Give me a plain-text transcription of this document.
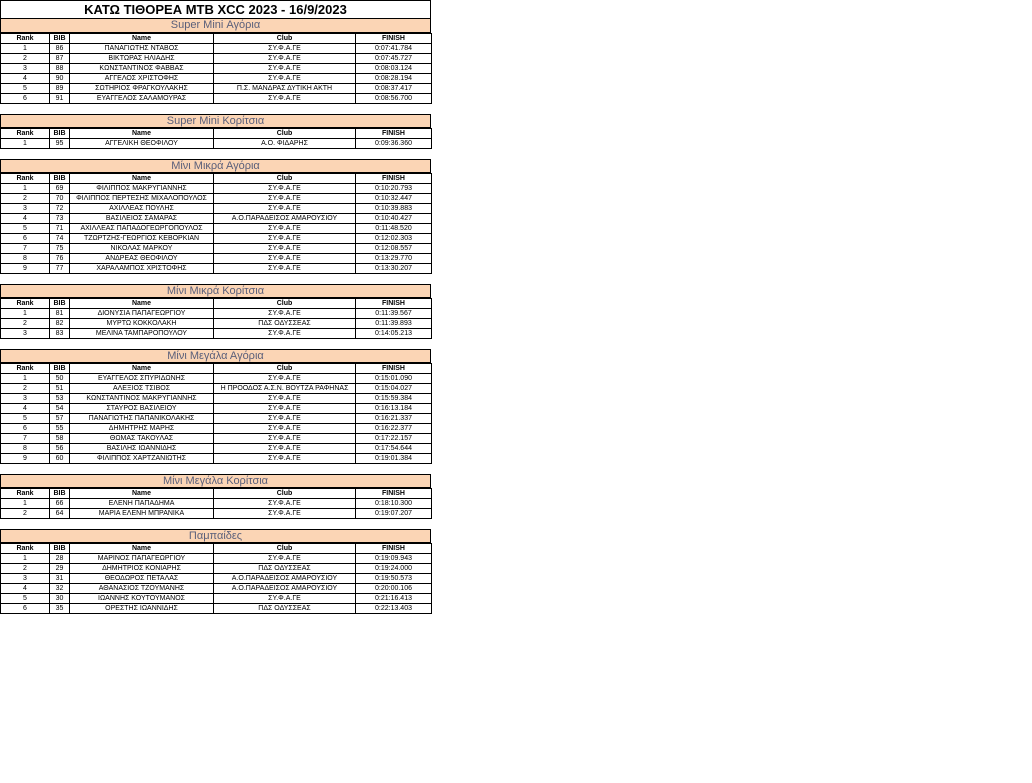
ΚΑΤΩ ΤΙΘΟΡΕΑ ΜΤΒ XCC 2023 - 16/9/2023
Super Mini Αγόρια
Rank	BIB	Name	Club	FINISH
1	86	ΠΑΝΑΓΙΩΤΗΣ ΝΤΑΒΟΣ	ΣΥ.Φ.Α.ΓΕ	0:07:41.784
2	87	ΒΙΚΤΩΡΑΣ ΗΛΙΑΔΗΣ	ΣΥ.Φ.Α.ΓΕ	0:07:45.727
3	88	ΚΩΝΣΤΑΝΤΙΝΟΣ ΦΑΒΒΑΣ	ΣΥ.Φ.Α.ΓΕ	0:08:03.124
4	90	ΑΓΓΕΛΟΣ ΧΡΙΣΤΟΦΗΣ	ΣΥ.Φ.Α.ΓΕ	0:08:28.194
5	89	ΣΩΤΗΡΙΟΣ ΦΡΑΓΚΟΥΛΑΚΗΣ	Π.Σ. ΜΑΝΔΡΑΣ ΔΥΤΙΚΗ ΑΚΤΗ	0:08:37.417
6	91	ΕΥΑΓΓΕΛΟΣ ΣΑΛΑΜΟΥΡΑΣ	ΣΥ.Φ.Α.ΓΕ	0:08:56.700
Super Mini Κορίτσια
Rank	BIB	Name	Club	FINISH
1	95	ΑΓΓΕΛΙΚΗ ΘΕΟΦΙΛΟΥ	Α.Ο. ΦΙΔΑΡΗΣ	0:09:36.360
Μίνι Μικρά Αγόρια
Rank	BIB	Name	Club	FINISH
1	69	ΦΙΛΙΠΠΟΣ ΜΑΚΡΥΓΙΑΝΝΗΣ	ΣΥ.Φ.Α.ΓΕ	0:10:20.793
2	70	ΦΙΛΙΠΠΟΣ ΠΕΡΤΕΣΗΣ ΜΙΧΑΛΟΠΟΥΛΟΣ	ΣΥ.Φ.Α.ΓΕ	0:10:32.447
3	72	ΑΧΙΛΛΕΑΣ ΠΟΥΛΗΣ	ΣΥ.Φ.Α.ΓΕ	0:10:39.883
4	73	ΒΑΣΙΛΕΙΟΣ ΣΑΜΑΡΑΣ	Α.Ο.ΠΑΡΑΔΕΙΣΟΣ ΑΜΑΡΟΥΣΙΟΥ	0:10:40.427
5	71	ΑΧΙΛΛΕΑΣ ΠΑΠΑΔΟΓΕΩΡΓΟΠΟΥΛΟΣ	ΣΥ.Φ.Α.ΓΕ	0:11:48.520
6	74	ΤΖΩΡΤΖΗΣ-ΓΕΩΡΓΙΟΣ ΚΕΒΟΡΚΙΑΝ	ΣΥ.Φ.Α.ΓΕ	0:12:02.303
7	75	ΝΙΚΟΛΑΣ ΜΑΡΚΟΥ	ΣΥ.Φ.Α.ΓΕ	0:12:08.557
8	76	ΑΝΔΡΕΑΣ ΘΕΟΦΙΛΟΥ	ΣΥ.Φ.Α.ΓΕ	0:13:29.770
9	77	ΧΑΡΑΛΑΜΠΟΣ ΧΡΙΣΤΟΦΗΣ	ΣΥ.Φ.Α.ΓΕ	0:13:30.207
Μίνι Μικρά Κορίτσια
Rank	BIB	Name	Club	FINISH
1	81	ΔΙΟΝΥΣΙΑ ΠΑΠΑΓΕΩΡΓΙΟΥ	ΣΥ.Φ.Α.ΓΕ	0:11:39.567
2	82	ΜΥΡΤΩ ΚΟΚΚΟΛΑΚΗ	ΠΔΣ ΟΔΥΣΣΕΑΣ	0:11:39.893
3	83	ΜΕΛΙΝΑ ΤΑΜΠΑΡΟΠΟΥΛΟΥ	ΣΥ.Φ.Α.ΓΕ	0:14:05.213
Μίνι Μεγάλα Αγόρια
Rank	BIB	Name	Club	FINISH
1	50	ΕΥΑΓΓΕΛΟΣ ΣΠΥΡΙΔΩΝΗΣ	ΣΥ.Φ.Α.ΓΕ	0:15:01.090
2	51	ΑΛΕΞΙΟΣ ΤΣΙΒΟΣ	Η ΠΡΟΟΔΟΣ Α.Σ.Ν. ΒΟΥΤΖΑ ΡΑΦΗΝΑΣ	0:15:04.027
3	53	ΚΩΝΣΤΑΝΤΙΝΟΣ ΜΑΚΡΥΓΙΑΝΝΗΣ	ΣΥ.Φ.Α.ΓΕ	0:15:59.384
4	54	ΣΤΑΥΡΟΣ ΒΑΣΙΛΕΙΟΥ	ΣΥ.Φ.Α.ΓΕ	0:16:13.184
5	57	ΠΑΝΑΓΙΩΤΗΣ ΠΑΠΑΝΙΚΟΛΑΚΗΣ	ΣΥ.Φ.Α.ΓΕ	0:16:21.337
6	55	ΔΗΜΗΤΡΗΣ ΜΑΡΗΣ	ΣΥ.Φ.Α.ΓΕ	0:16:22.377
7	58	ΘΩΜΑΣ ΤΑΚΟΥΛΑΣ	ΣΥ.Φ.Α.ΓΕ	0:17:22.157
8	56	ΒΑΣΙΛΗΣ ΙΩΑΝΝΙΔΗΣ	ΣΥ.Φ.Α.ΓΕ	0:17:54.644
9	60	ΦΙΛΙΠΠΟΣ ΧΑΡΤΖΑΝΙΩΤΗΣ	ΣΥ.Φ.Α.ΓΕ	0:19:01.384
Μίνι Μεγάλα Κορίτσια
Rank	BIB	Name	Club	FINISH
1	66	ΕΛΕΝΗ ΠΑΠΑΔΗΜΑ	ΣΥ.Φ.Α.ΓΕ	0:18:10.300
2	64	ΜΑΡΙΑ ΕΛΕΝΗ ΜΠΡΑΝΙΚΑ	ΣΥ.Φ.Α.ΓΕ	0:19:07.207
Παμπαίδες
Rank	BIB	Name	Club	FINISH
1	28	ΜΑΡΙΝΟΣ ΠΑΠΑΓΕΩΡΓΙΟΥ	ΣΥ.Φ.Α.ΓΕ	0:19:09.943
2	29	ΔΗΜΗΤΡΙΟΣ ΚΟΝΙΑΡΗΣ	ΠΔΣ ΟΔΥΣΣΕΑΣ	0:19:24.000
3	31	ΘΕΟΔΩΡΟΣ ΠΕΤΑΛΑΣ	Α.Ο.ΠΑΡΑΔΕΙΣΟΣ ΑΜΑΡΟΥΣΙΟΥ	0:19:50.573
4	32	ΑΘΑΝΑΣΙΟΣ ΤΖΟΥΜΑΝΗΣ	Α.Ο.ΠΑΡΑΔΕΙΣΟΣ ΑΜΑΡΟΥΣΙΟΥ	0:20:00.106
5	30	ΙΩΑΝΝΗΣ ΚΟΥΤΟΥΜΑΝΟΣ	ΣΥ.Φ.Α.ΓΕ	0:21:16.413
6	35	ΟΡΕΣΤΗΣ ΙΩΑΝΝΙΔΗΣ	ΠΔΣ ΟΔΥΣΣΕΑΣ	0:22:13.403
